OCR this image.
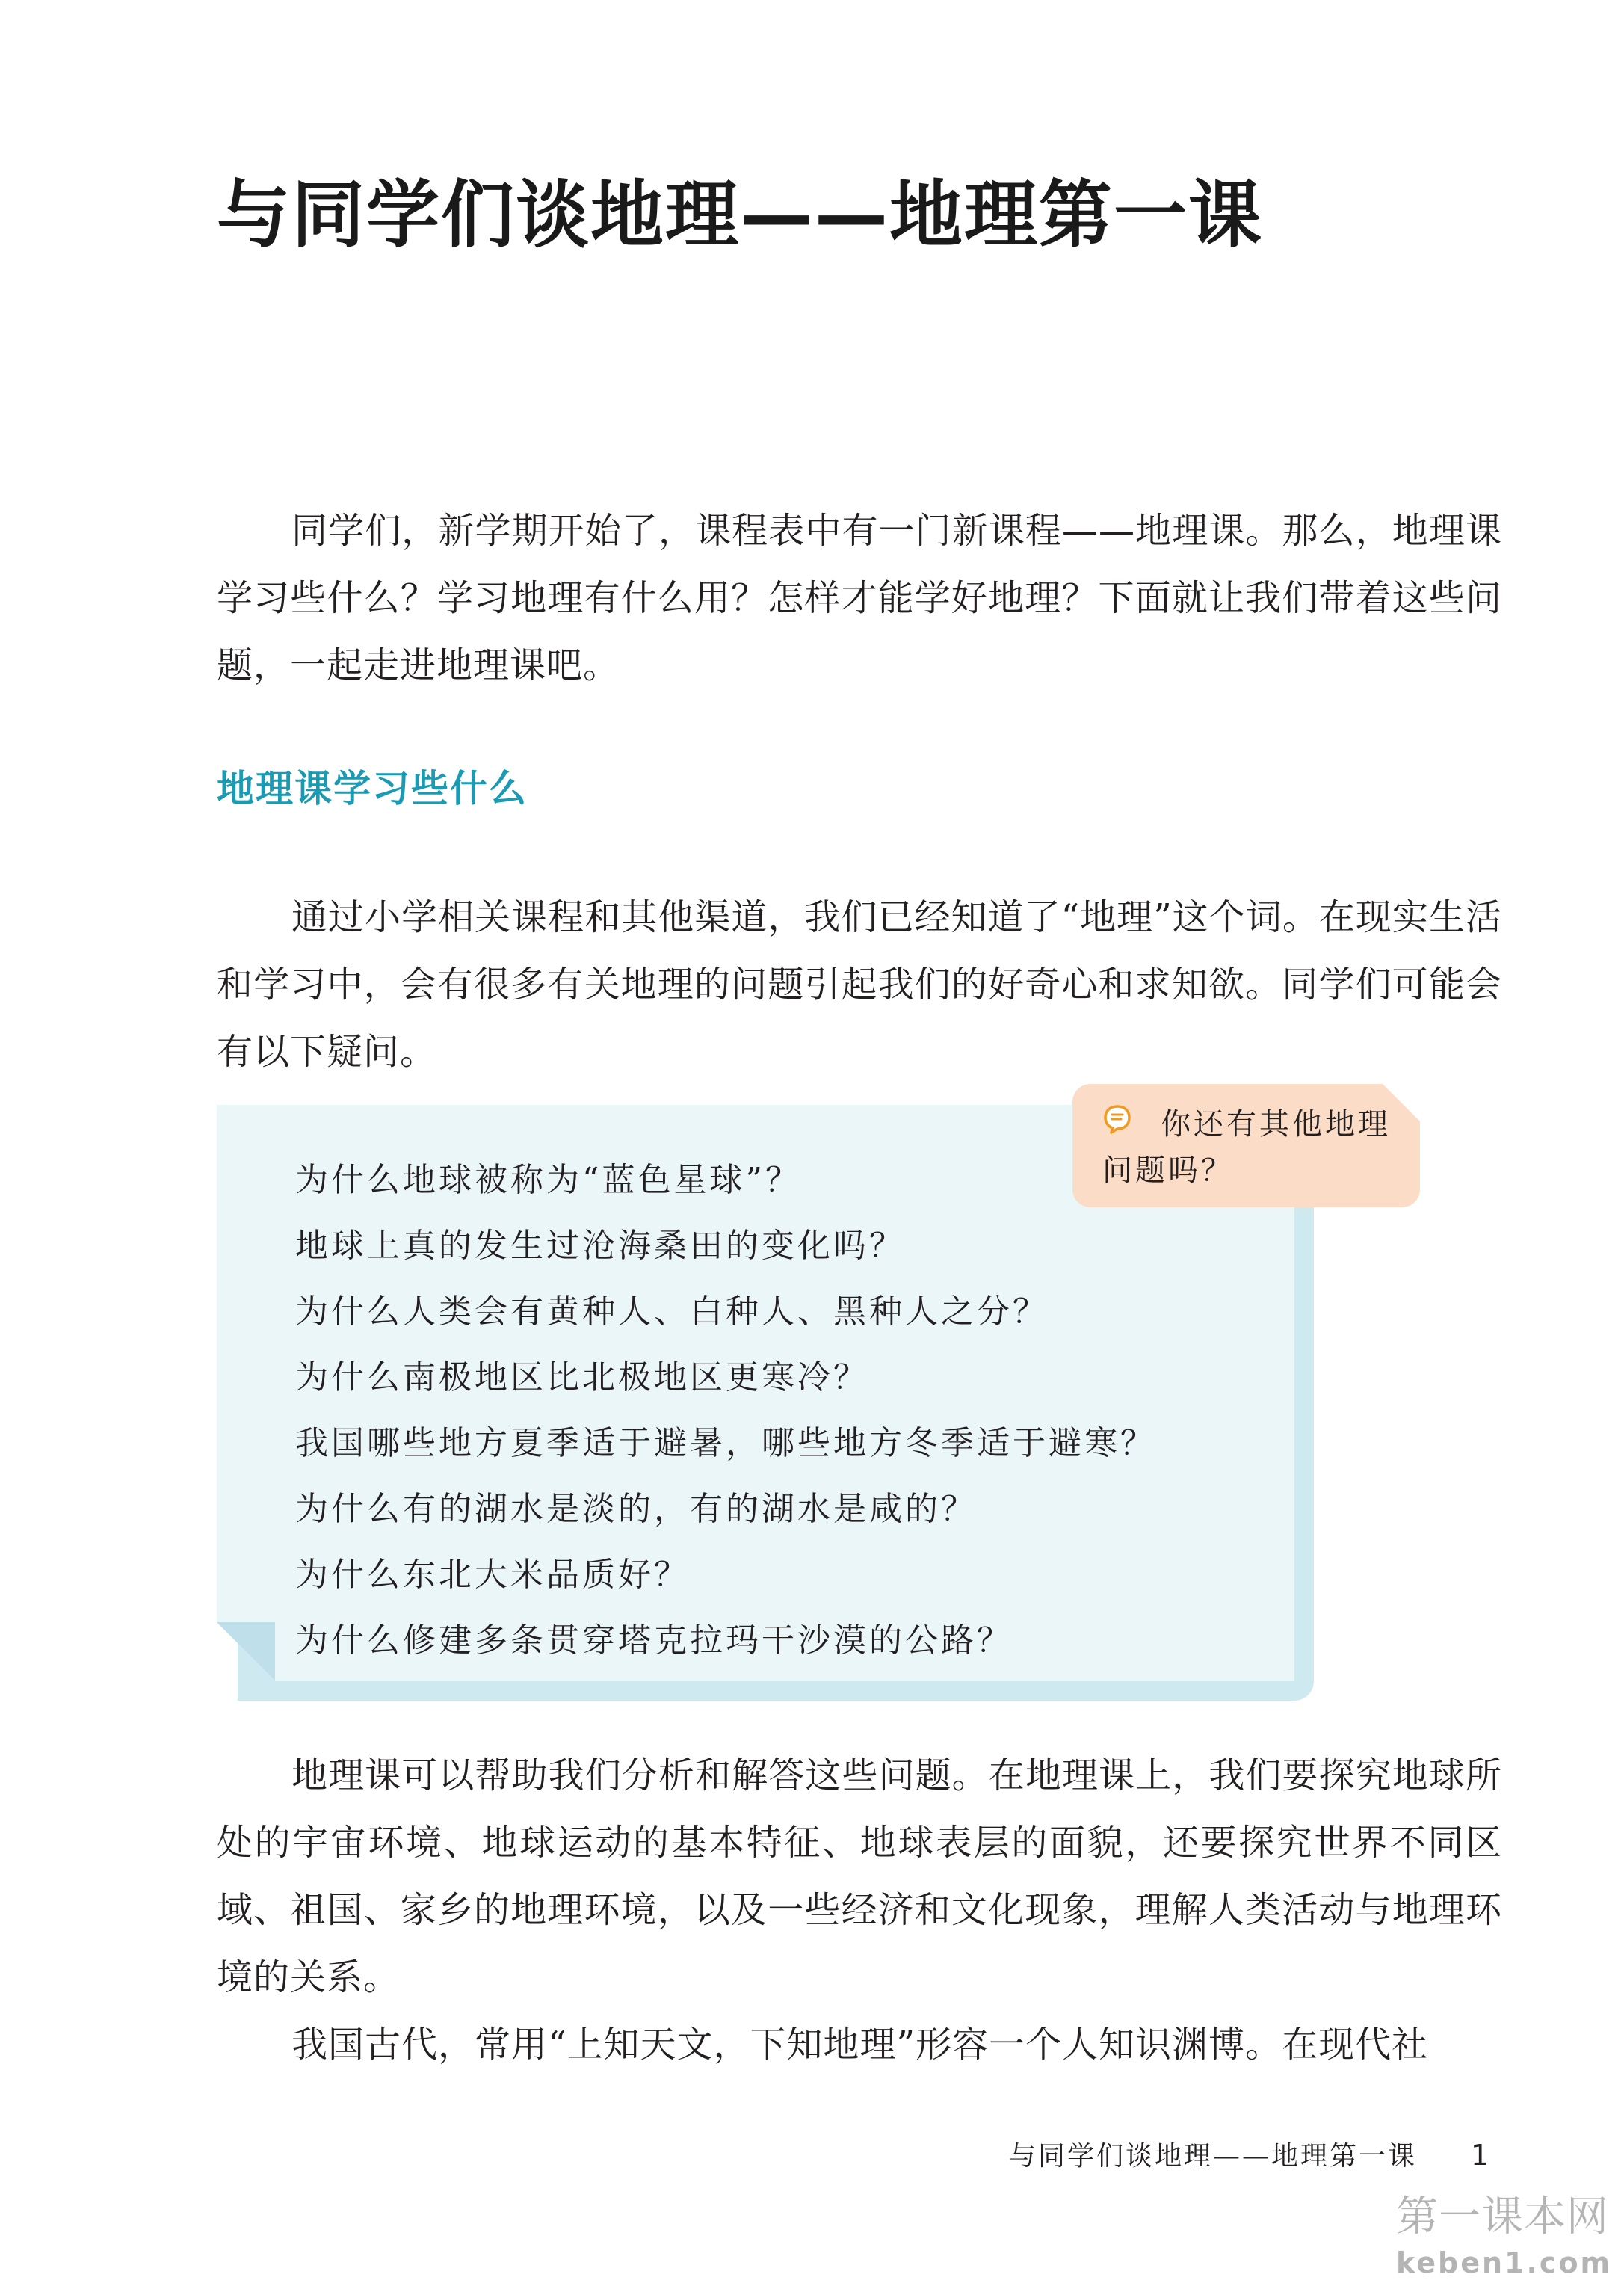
与同学们谈地理——地理第一课

同学们，新学期开始了，课程表中有一门新课程——地理课。那么，地理课学习些什么？学习地理有什么用？怎样才能学好地理？下面就让我们带着这些问题，一起走进地理课吧。

地理课学习些什么

通过小学相关课程和其他渠道，我们已经知道了“地理”这个词。在现实生活和学习中，会有很多有关地理的问题引起我们的好奇心和求知欲。同学们可能会有以下疑问。

为什么地球被称为“蓝色星球”？
地球上真的发生过沧海桑田的变化吗？
为什么人类会有黄种人、白种人、黑种人之分？
为什么南极地区比北极地区更寒冷？
我国哪些地方夏季适于避暑，哪些地方冬季适于避寒？
为什么有的湖水是淡的，有的湖水是咸的？
为什么东北大米品质好？
为什么修建多条贯穿塔克拉玛干沙漠的公路？

你还有其他地理问题吗？

地理课可以帮助我们分析和解答这些问题。在地理课上，我们要探究地球所处的宇宙环境、地球运动的基本特征、地球表层的面貌，还要探究世界不同区域、祖国、家乡的地理环境，以及一些经济和文化现象，理解人类活动与地理环境的关系。

我国古代，常用“上知天文，下知地理”形容一个人知识渊博。在现代社

与同学们谈地理——地理第一课 1
第一课本网
keben1.com
